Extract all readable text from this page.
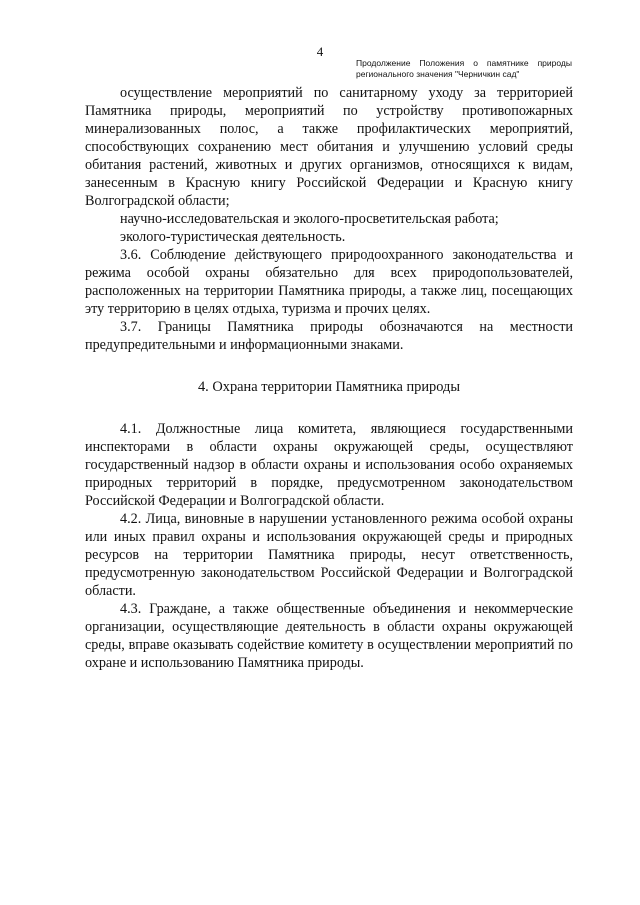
4
Продолжение Положения о памятнике природы регионального значения "Черничкин сад"

осуществление мероприятий по санитарному уходу за территорией Памятника природы, мероприятий по устройству противопожарных минерализованных полос, а также профилактических мероприятий, способствующих сохранению мест обитания и улучшению условий среды обитания растений, животных и других организмов, относящихся к видам, занесенным в Красную книгу Российской Федерации и Красную книгу Волгоградской области;

научно-исследовательская и эколого-просветительская работа;

эколого-туристическая деятельность.

3.6. Соблюдение действующего природоохранного законодательства и режима особой охраны обязательно для всех природопользователей, расположенных на территории Памятника природы, а также лиц, посещающих эту территорию в целях отдыха, туризма и прочих целях.

3.7. Границы Памятника природы обозначаются на местности предупредительными и информационными знаками.

4. Охрана территории Памятника природы

4.1. Должностные лица комитета, являющиеся государственными инспекторами в области охраны окружающей среды, осуществляют государственный надзор в области охраны и использования особо охраняемых природных территорий в порядке, предусмотренном законодательством Российской Федерации и Волгоградской области.

4.2. Лица, виновные в нарушении установленного режима особой охраны или иных правил охраны и использования окружающей среды и природных ресурсов на территории Памятника природы, несут ответственность, предусмотренную законодательством Российской Федерации и Волгоградской области.

4.3. Граждане, а также общественные объединения и некоммерческие организации, осуществляющие деятельность в области охраны окружающей среды, вправе оказывать содействие комитету в осуществлении мероприятий по охране и использованию Памятника природы.
